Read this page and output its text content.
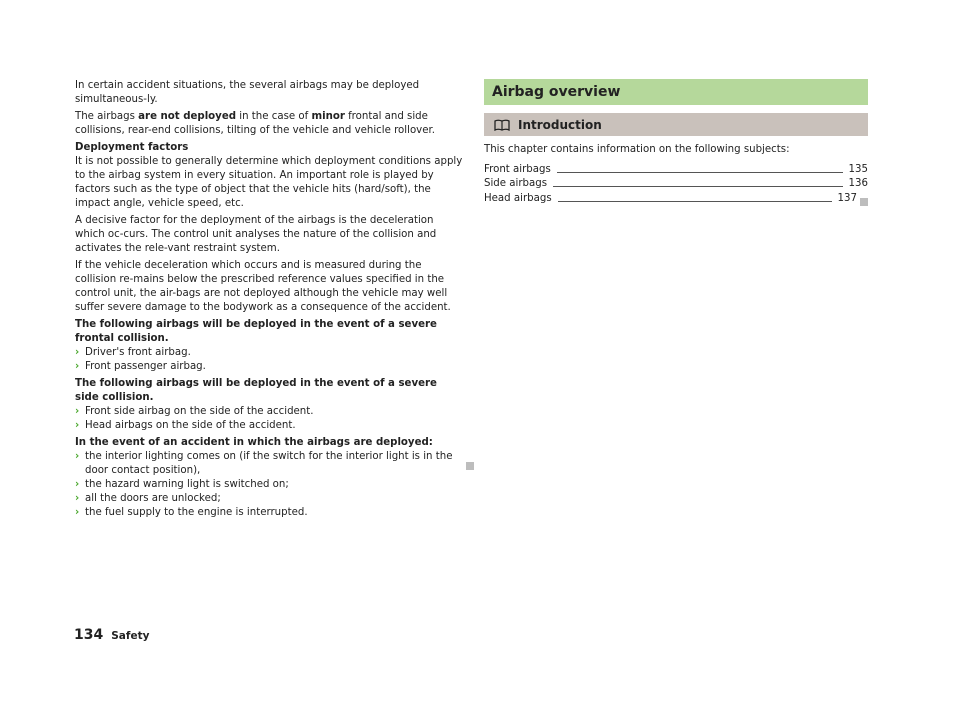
In certain accident situations, the several airbags may be deployed simultaneous-ly.

The airbags are not deployed in the case of minor frontal and side collisions, rear-end collisions, tilting of the vehicle and vehicle rollover.

Deployment factors

It is not possible to generally determine which deployment conditions apply to the airbag system in every situation. An important role is played by factors such as the type of object that the vehicle hits (hard/soft), the impact angle, vehicle speed, etc.

A decisive factor for the deployment of the airbags is the deceleration which oc-curs. The control unit analyses the nature of the collision and activates the rele-vant restraint system.

If the vehicle deceleration which occurs and is measured during the collision re-mains below the prescribed reference values specified in the control unit, the air-bags are not deployed although the vehicle may well suffer severe damage to the bodywork as a consequence of the accident.

The following airbags will be deployed in the event of a severe frontal collision.
› Driver's front airbag.
› Front passenger airbag.
The following airbags will be deployed in the event of a severe side collision.
› Front side airbag on the side of the accident.
› Head airbags on the side of the accident.
In the event of an accident in which the airbags are deployed:
› the interior lighting comes on (if the switch for the interior light is in the door contact position),
› the hazard warning light is switched on;
› all the doors are unlocked;
› the fuel supply to the engine is interrupted.
Airbag overview
Introduction
This chapter contains information on the following subjects:
Front airbags	135
Side airbags	136
Head airbags	137
134 Safety
